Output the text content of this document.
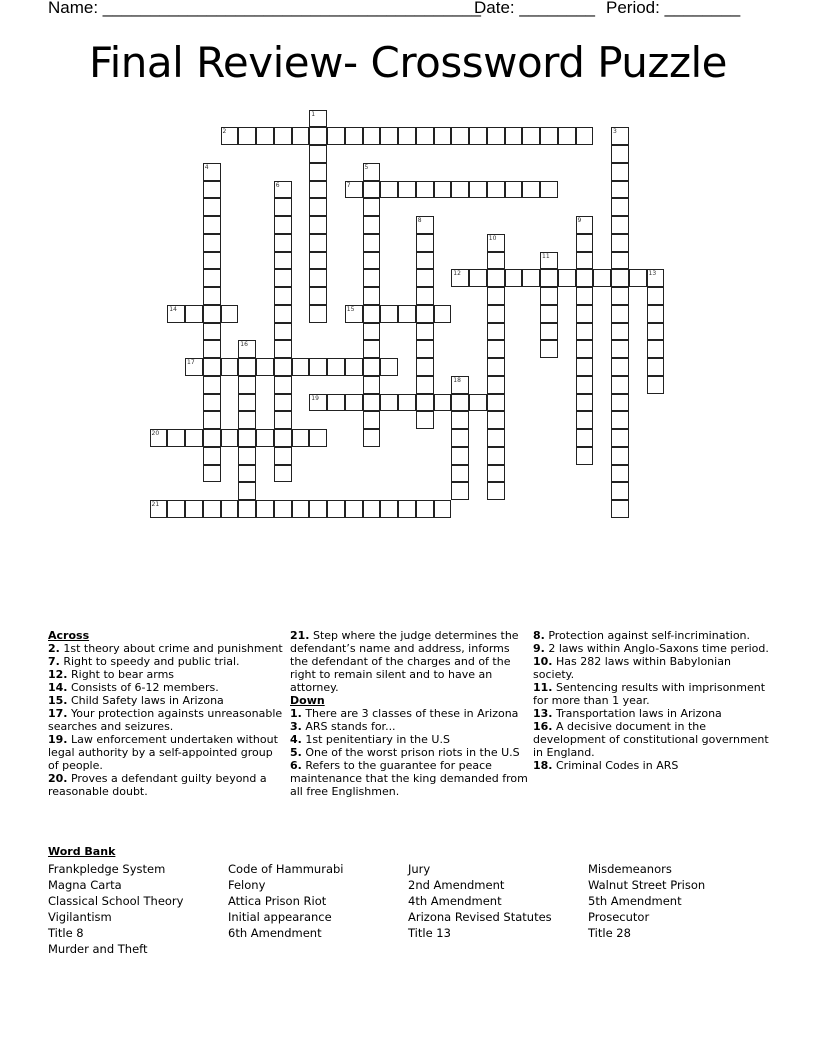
Name: ________________________________________
Date: ________ Period: ________
Final Review- Crossword Puzzle
2
7
12	13
14	15
17
19
20
21
1
3
4	5
6
8	9
10
11
16
18

Across

2. 1st theory about crime and punishment

7. Right to speedy and public trial.

12. Right to bear arms

14. Consists of 6-12 members.

15. Child Safety laws in Arizona

17. Your protection againsts unreasonable searches and seizures.

19. Law enforcement undertaken without legal authority by a self-appointed group of people.

20. Proves a defendant guilty beyond a reasonable doubt.

21. Step where the judge determines the defendant’s name and address, informs the defendant of the charges and of the right to remain silent and to have an attorney.

Down

1. There are 3 classes of these in Arizona

3. ARS stands for...

4. 1st penitentiary in the U.S

5. One of the worst prison riots in the U.S

6. Refers to the guarantee for peace maintenance that the king demanded from all free Englishmen.

8. Protection against self-incrimination.

9. 2 laws within Anglo-Saxons time period.

10. Has 282 laws within Babylonian society.

11. Sentencing results with imprisonment for more than 1 year.

13. Transportation laws in Arizona

16. A decisive document in the development of constitutional government in England.

18. Criminal Codes in ARS

Word Bank
Frankpledge System
Magna Carta
Classical School Theory
Vigilantism
Title 8
Murder and Theft
Code of Hammurabi
Felony
Attica Prison Riot
Initial appearance
6th Amendment
Jury
2nd Amendment
4th Amendment
Arizona Revised Statutes
Title 13
Misdemeanors
Walnut Street Prison
5th Amendment
Prosecutor
Title 28
